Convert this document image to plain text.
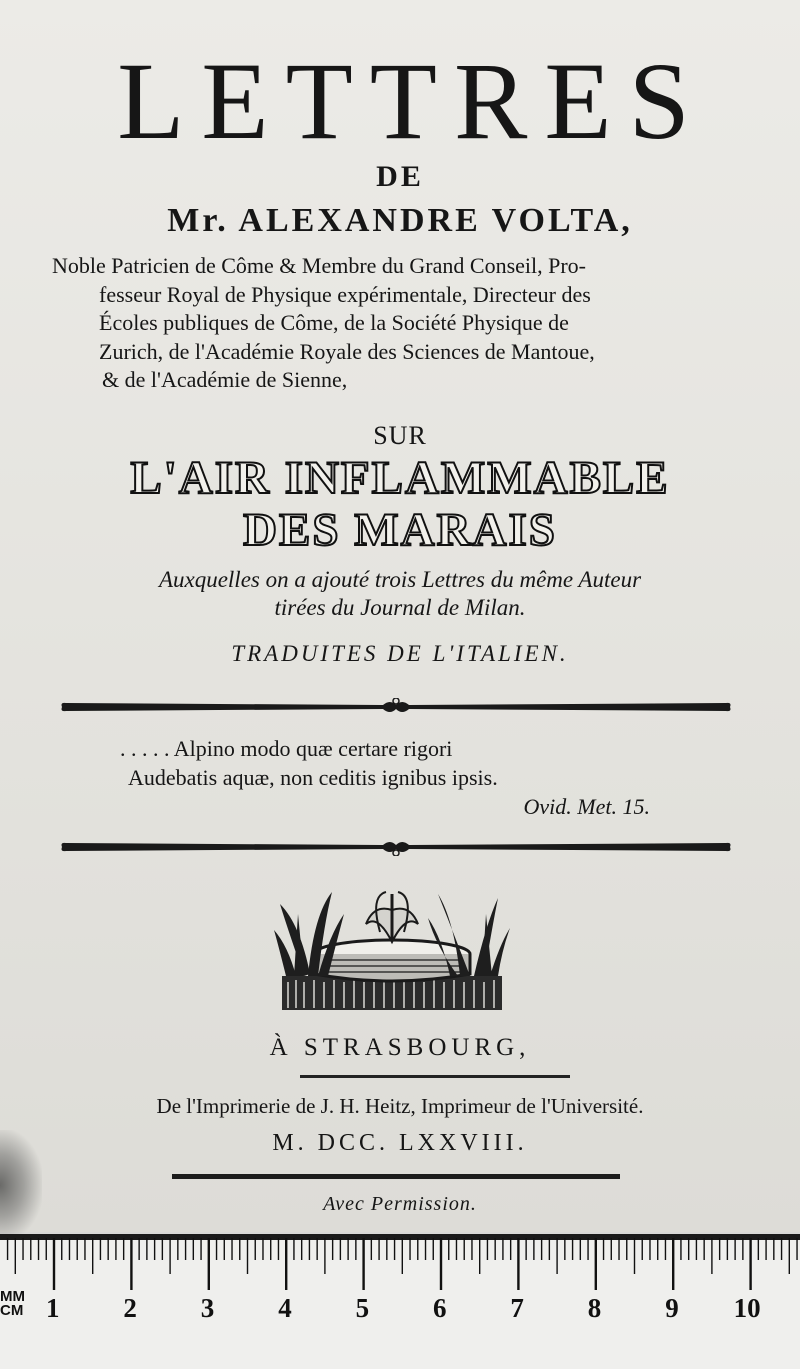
LETTRES
DE
Mr. ALEXANDRE VOLTA,
Noble Patricien de Côme & Membre du Grand Conseil, Pro-
fesseur Royal de Physique expérimentale, Directeur des
Écoles publiques de Côme, de la Société Physique de
Zurich, de l'Académie Royale des Sciences de Mantoue,
& de l'Académie de Sienne,
SUR
L'AIR INFLAMMABLE
DES MARAIS
Auxquelles on a ajouté trois Lettres du même Auteur
tirées du Journal de Milan.
TRADUITES DE L'ITALIEN.
. . . . . Alpino modo quæ certare rigori
Audebatis aquæ, non ceditis ignibus ipsis.
Ovid. Met. 15.
À STRASBOURG,
De l'Imprimerie de J. H. Heitz, Imprimeur de l'Université.
M. DCC. LXXVIII.
Avec Permission.
MM
CM 1 2 3 4 5 6 7 8 9 10
